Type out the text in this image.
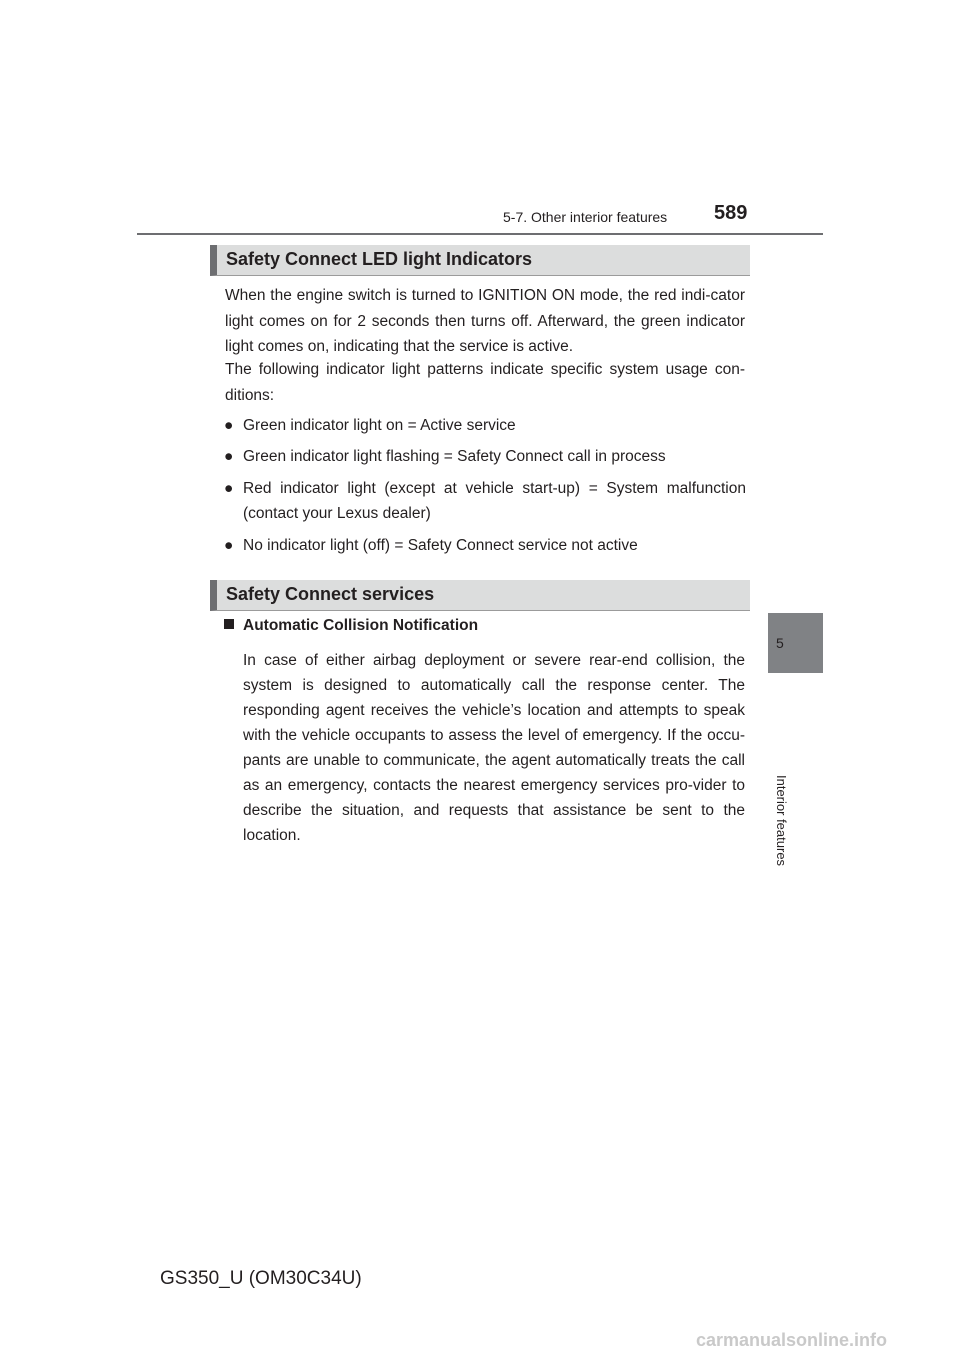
5-7. Other interior features 589
5
Interior features
Safety Connect LED light Indicators
When the engine switch is turned to IGNITION ON mode, the red indi-cator light comes on for 2 seconds then turns off. Afterward, the green indicator light comes on, indicating that the service is active.
The following indicator light patterns indicate specific system usage con-ditions:
● Green indicator light on = Active service
● Green indicator light flashing = Safety Connect call in process
● Red indicator light (except at vehicle start-up) = System malfunction (contact your Lexus dealer)
● No indicator light (off) = Safety Connect service not active
Safety Connect services
Automatic Collision Notification
In case of either airbag deployment or severe rear-end collision, the system is designed to automatically call the response center. The responding agent receives the vehicle’s location and attempts to speak with the vehicle occupants to assess the level of emergency. If the occu-pants are unable to communicate, the agent automatically treats the call as an emergency, contacts the nearest emergency services pro-vider to describe the situation, and requests that assistance be sent to the location.
GS350_U (OM30C34U)
carmanualsonline.info
